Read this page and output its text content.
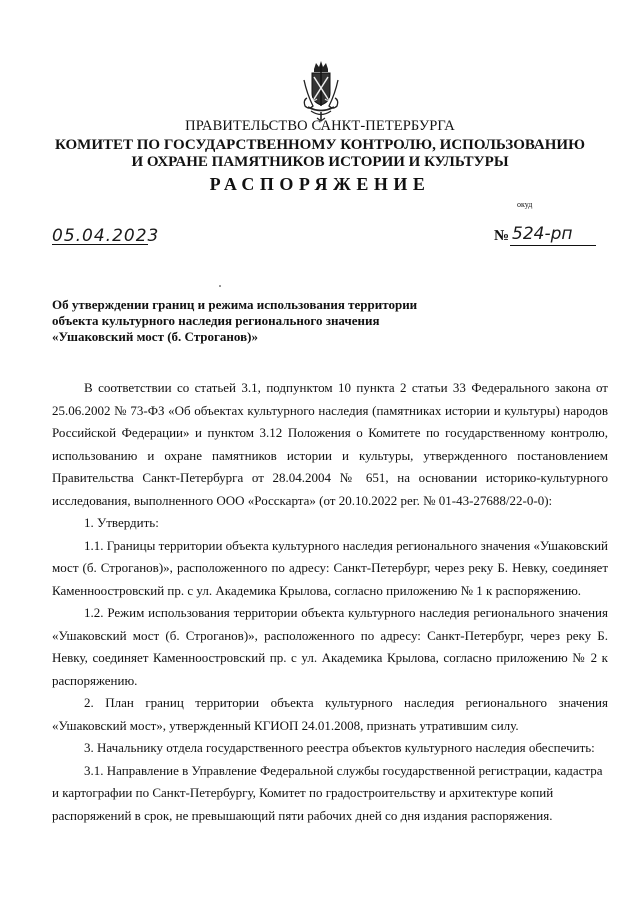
ПРАВИТЕЛЬСТВО САНКТ-ПЕТЕРБУРГА
КОМИТЕТ ПО ГОСУДАРСТВЕННОМУ КОНТРОЛЮ, ИСПОЛЬЗОВАНИЮ
И ОХРАНЕ ПАМЯТНИКОВ ИСТОРИИ И КУЛЬТУРЫ
РАСПОРЯЖЕНИЕ
окуд
05.04.2023	№ 524-рп
Об утверждении границ и режима использования территории
объекта культурного наследия регионального значения
«Ушаковский мост (б. Строганов)»

В соответствии со статьей 3.1, подпунктом 10 пункта 2 статьи 33 Федерального закона от 25.06.2002 № 73-ФЗ «Об объектах культурного наследия (памятниках истории и культуры) народов Российской Федерации» и пунктом 3.12 Положения о Комитете по государственному контролю, использованию и охране памятников истории и культуры, утвержденного постановлением Правительства Санкт-Петербурга от 28.04.2004 № 651, на основании историко-культурного исследования, выполненного ООО «Росскарта» (от 20.10.2022 рег. № 01-43-27688/22-0-0):

1. Утвердить:

1.1. Границы территории объекта культурного наследия регионального значения «Ушаковский мост (б. Строганов)», расположенного по адресу: Санкт-Петербург, через реку Б. Невку, соединяет Каменноостровский пр. с ул. Академика Крылова, согласно приложению № 1 к распоряжению.

1.2. Режим использования территории объекта культурного наследия регионального значения «Ушаковский мост (б. Строганов)», расположенного по адресу: Санкт-Петербург, через реку Б. Невку, соединяет Каменноостровский пр. с ул. Академика Крылова, согласно приложению № 2 к распоряжению.

2. План границ территории объекта культурного наследия регионального значения «Ушаковский мост», утвержденный КГИОП 24.01.2008, признать утратившим силу.

3. Начальнику отдела государственного реестра объектов культурного наследия обеспечить:

3.1. Направление в Управление Федеральной службы государственной регистрации, кадастра и картографии по Санкт-Петербургу, Комитет по градостроительству и архитектуре копий распоряжений в срок, не превышающий пяти рабочих дней со дня издания распоряжения.
